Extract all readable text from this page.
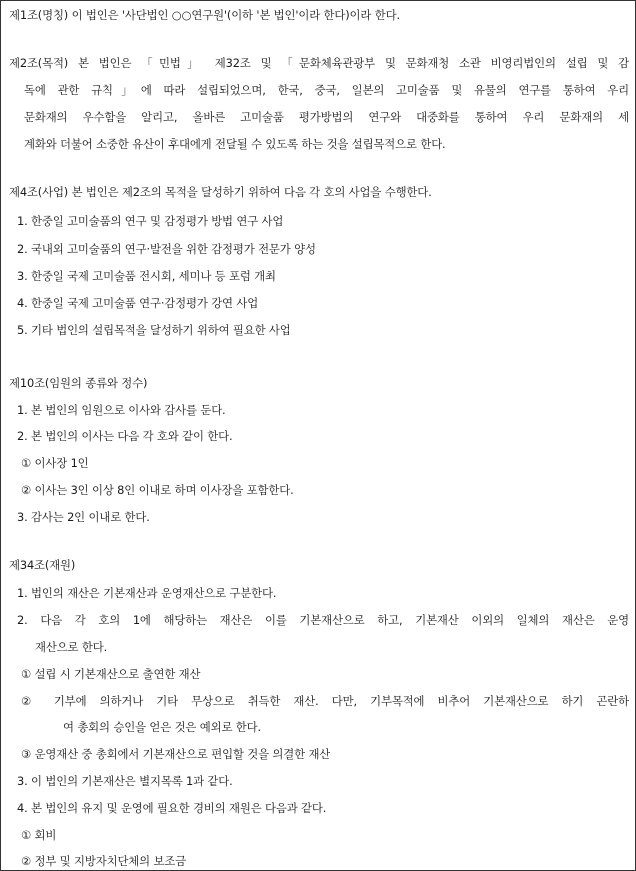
제1조(명칭) 이 법인은 '사단법인 ○○연구원'(이하 '본 법인'이라 한다)이라 한다.
제2조(목적) 본 법인은 「민법」 제32조 및 「문화체육관광부 및 문화재청 소관 비영리법인의 설립 및 감
독에 관한 규칙」에 따라 설립되었으며, 한국, 중국, 일본의 고미술품 및 유물의 연구를 통하여 우리
문화재의 우수함을 알리고, 올바른 고미술품 평가방법의 연구와 대중화를 통하여 우리 문화재의 세
계화와 더불어 소중한 유산이 후대에게 전달될 수 있도록 하는 것을 설립목적으로 한다.
제4조(사업) 본 법인은 제2조의 목적을 달성하기 위하여 다음 각 호의 사업을 수행한다.
1. 한중일 고미술품의 연구 및 감정평가 방법 연구 사업
2. 국내외 고미술품의 연구·발전을 위한 감정평가 전문가 양성
3. 한중일 국제 고미술품 전시회, 세미나 등 포럼 개최
4. 한중일 국제 고미술품 연구·감정평가 강연 사업
5. 기타 법인의 설립목적을 달성하기 위하여 필요한 사업
제10조(임원의 종류와 정수)
1. 본 법인의 임원으로 이사와 감사를 둔다.
2. 본 법인의 이사는 다음 각 호와 같이 한다.
① 이사장 1인
② 이사는 3인 이상 8인 이내로 하며 이사장을 포함한다.
3. 감사는 2인 이내로 한다.
제34조(재원)
1. 법인의 재산은 기본재산과 운영재산으로 구분한다.
2. 다음 각 호의 1에 해당하는 재산은 이를 기본재산으로 하고, 기본재산 이외의 일체의 재산은 운영
재산으로 한다.
① 설립 시 기본재산으로 출연한 재산
② 기부에 의하거나 기타 무상으로 취득한 재산. 다만, 기부목적에 비추어 기본재산으로 하기 곤란하
여 총회의 승인을 얻은 것은 예외로 한다.
③ 운영재산 중 총회에서 기본재산으로 편입할 것을 의결한 재산
3. 이 법인의 기본재산은 별지목록 1과 같다.
4. 본 법인의 유지 및 운영에 필요한 경비의 재원은 다음과 같다.
① 회비
② 정부 및 지방자치단체의 보조금
